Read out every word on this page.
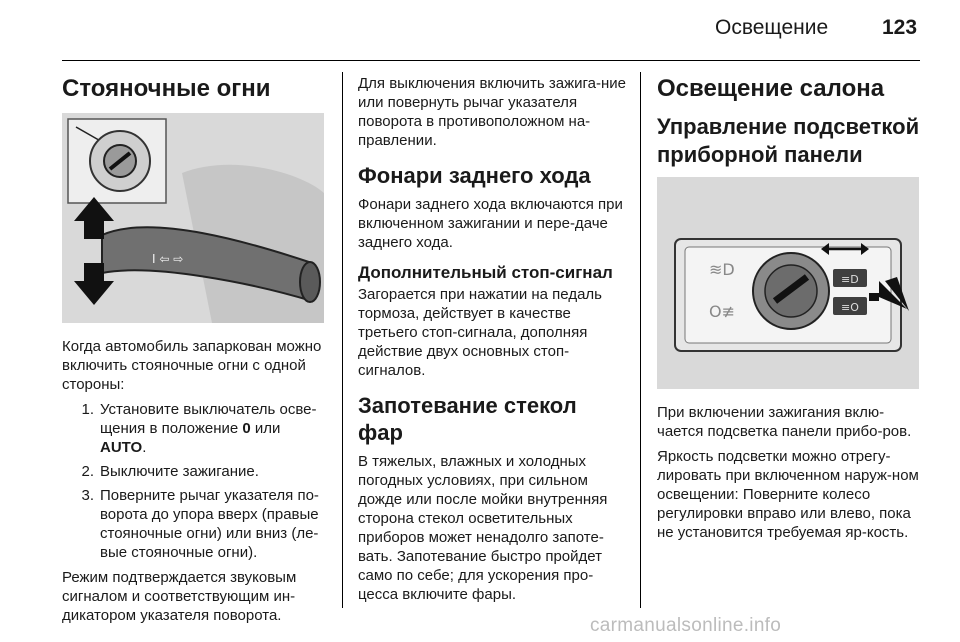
Освещение	123
Стояночные огни
I ⇦ ⇨

Когда автомобиль запаркован можно включить стояночные огни с одной стороны:

1. Установите выключатель осве-щения в положение 0 или AUTO.
2. Выключите зажигание.
3. Поверните рычаг указателя по-ворота до упора вверх (правые стояночные огни) или вниз (ле-вые стояночные огни).

Режим подтверждается звуковым сигналом и соответствующим ин-дикатором указателя поворота.

Для выключения включить зажига-ние или повернуть рычаг указателя поворота в противоположном на-правлении.

Фонари заднего хода

Фонари заднего хода включаются при включенном зажигании и пере-даче заднего хода.

Дополнительный стоп-сигнал

Загорается при нажатии на педаль тормоза, действует в качестве третьего стоп-сигнала, дополняя действие двух основных стоп-сигналов.

Запотевание стекол фар

В тяжелых, влажных и холодных погодных условиях, при сильном дожде или после мойки внутренняя сторона стекол осветительных приборов может ненадолго запоте-вать. Запотевание быстро пройдет само по себе; для ускорения про-цесса включите фары.

Освещение салона
Управление подсветкой приборной панели
≋D
O≢
≡D
≡O

При включении зажигания вклю-чается подсветка панели прибо-ров.

Яркость подсветки можно отрегу-лировать при включенном наруж-ном освещении: Поверните колесо регулировки вправо или влево, пока не установится требуемая яр-кость.

carmanualsonline.info
